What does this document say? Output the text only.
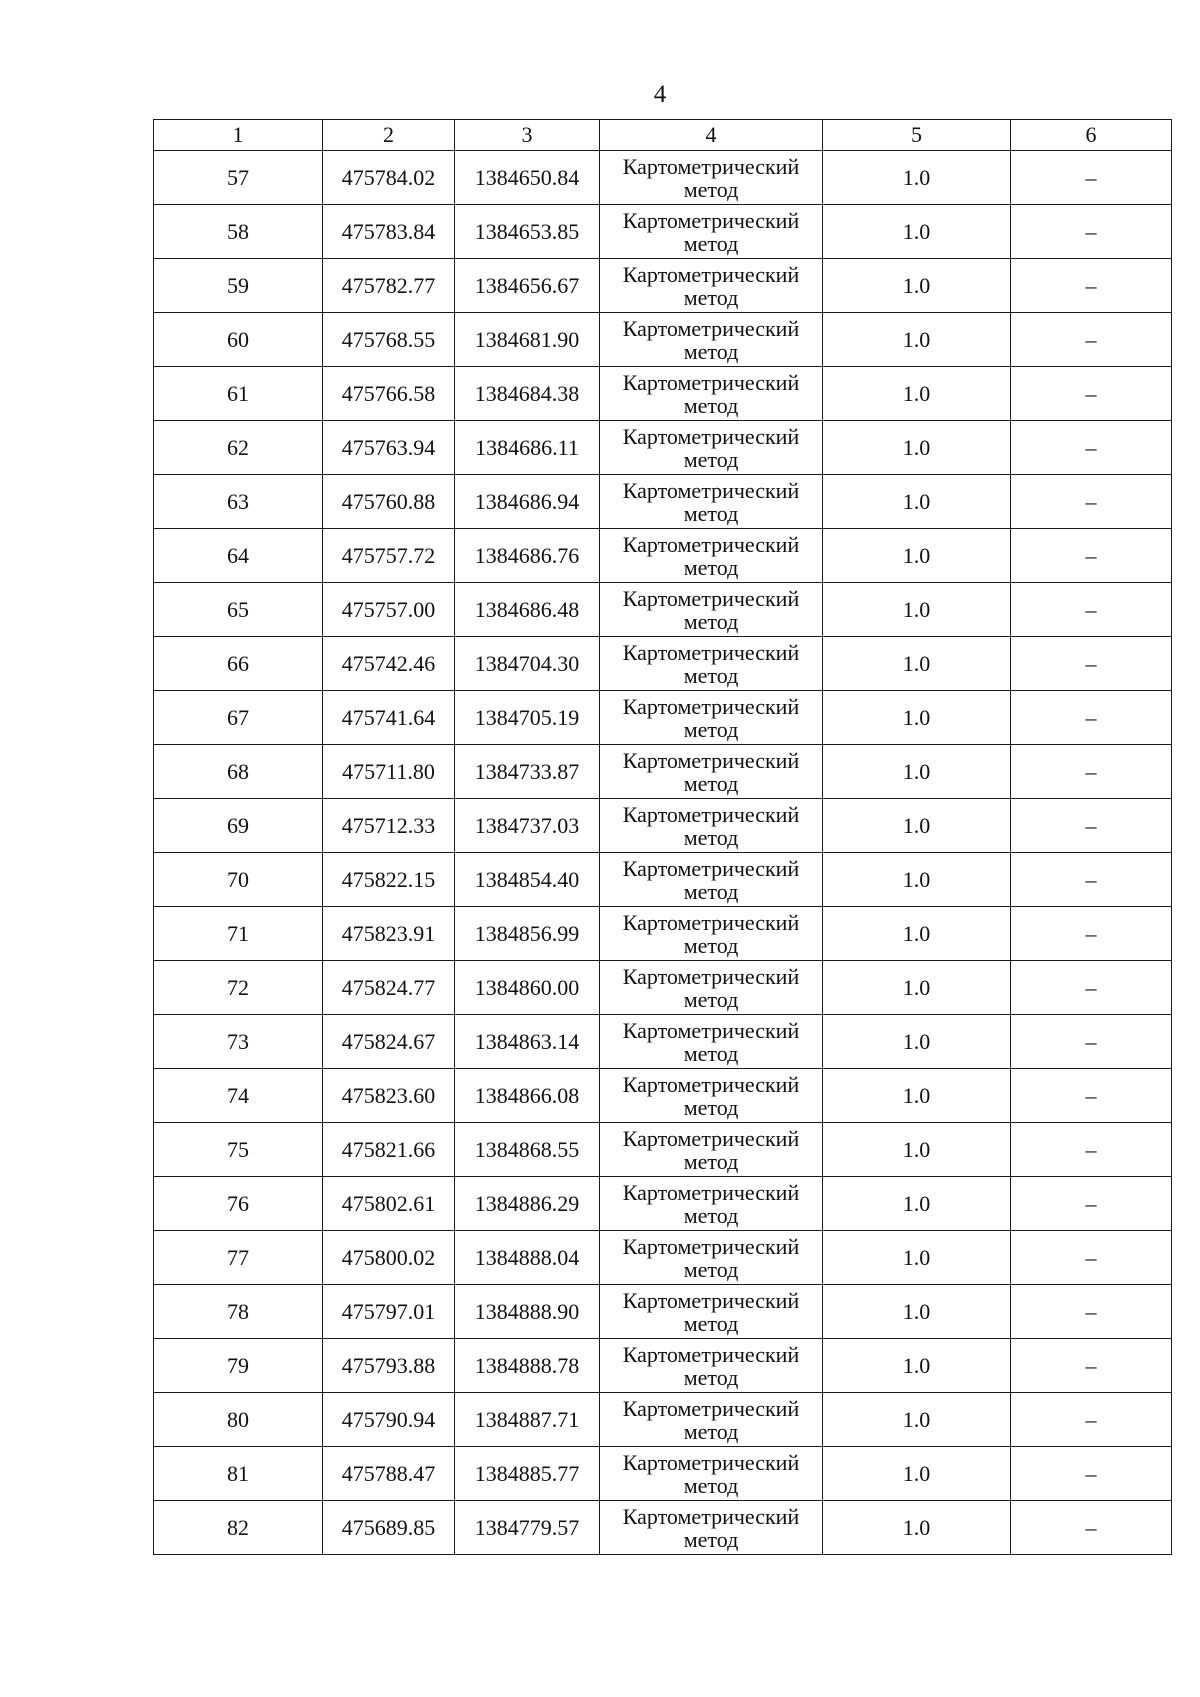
4
1	2	3	4	5	6
57	475784.02	1384650.84	Картометрический метод	1.0	–
58	475783.84	1384653.85	Картометрический метод	1.0	–
59	475782.77	1384656.67	Картометрический метод	1.0	–
60	475768.55	1384681.90	Картометрический метод	1.0	–
61	475766.58	1384684.38	Картометрический метод	1.0	–
62	475763.94	1384686.11	Картометрический метод	1.0	–
63	475760.88	1384686.94	Картометрический метод	1.0	–
64	475757.72	1384686.76	Картометрический метод	1.0	–
65	475757.00	1384686.48	Картометрический метод	1.0	–
66	475742.46	1384704.30	Картометрический метод	1.0	–
67	475741.64	1384705.19	Картометрический метод	1.0	–
68	475711.80	1384733.87	Картометрический метод	1.0	–
69	475712.33	1384737.03	Картометрический метод	1.0	–
70	475822.15	1384854.40	Картометрический метод	1.0	–
71	475823.91	1384856.99	Картометрический метод	1.0	–
72	475824.77	1384860.00	Картометрический метод	1.0	–
73	475824.67	1384863.14	Картометрический метод	1.0	–
74	475823.60	1384866.08	Картометрический метод	1.0	–
75	475821.66	1384868.55	Картометрический метод	1.0	–
76	475802.61	1384886.29	Картометрический метод	1.0	–
77	475800.02	1384888.04	Картометрический метод	1.0	–
78	475797.01	1384888.90	Картометрический метод	1.0	–
79	475793.88	1384888.78	Картометрический метод	1.0	–
80	475790.94	1384887.71	Картометрический метод	1.0	–
81	475788.47	1384885.77	Картометрический метод	1.0	–
82	475689.85	1384779.57	Картометрический метод	1.0	–
